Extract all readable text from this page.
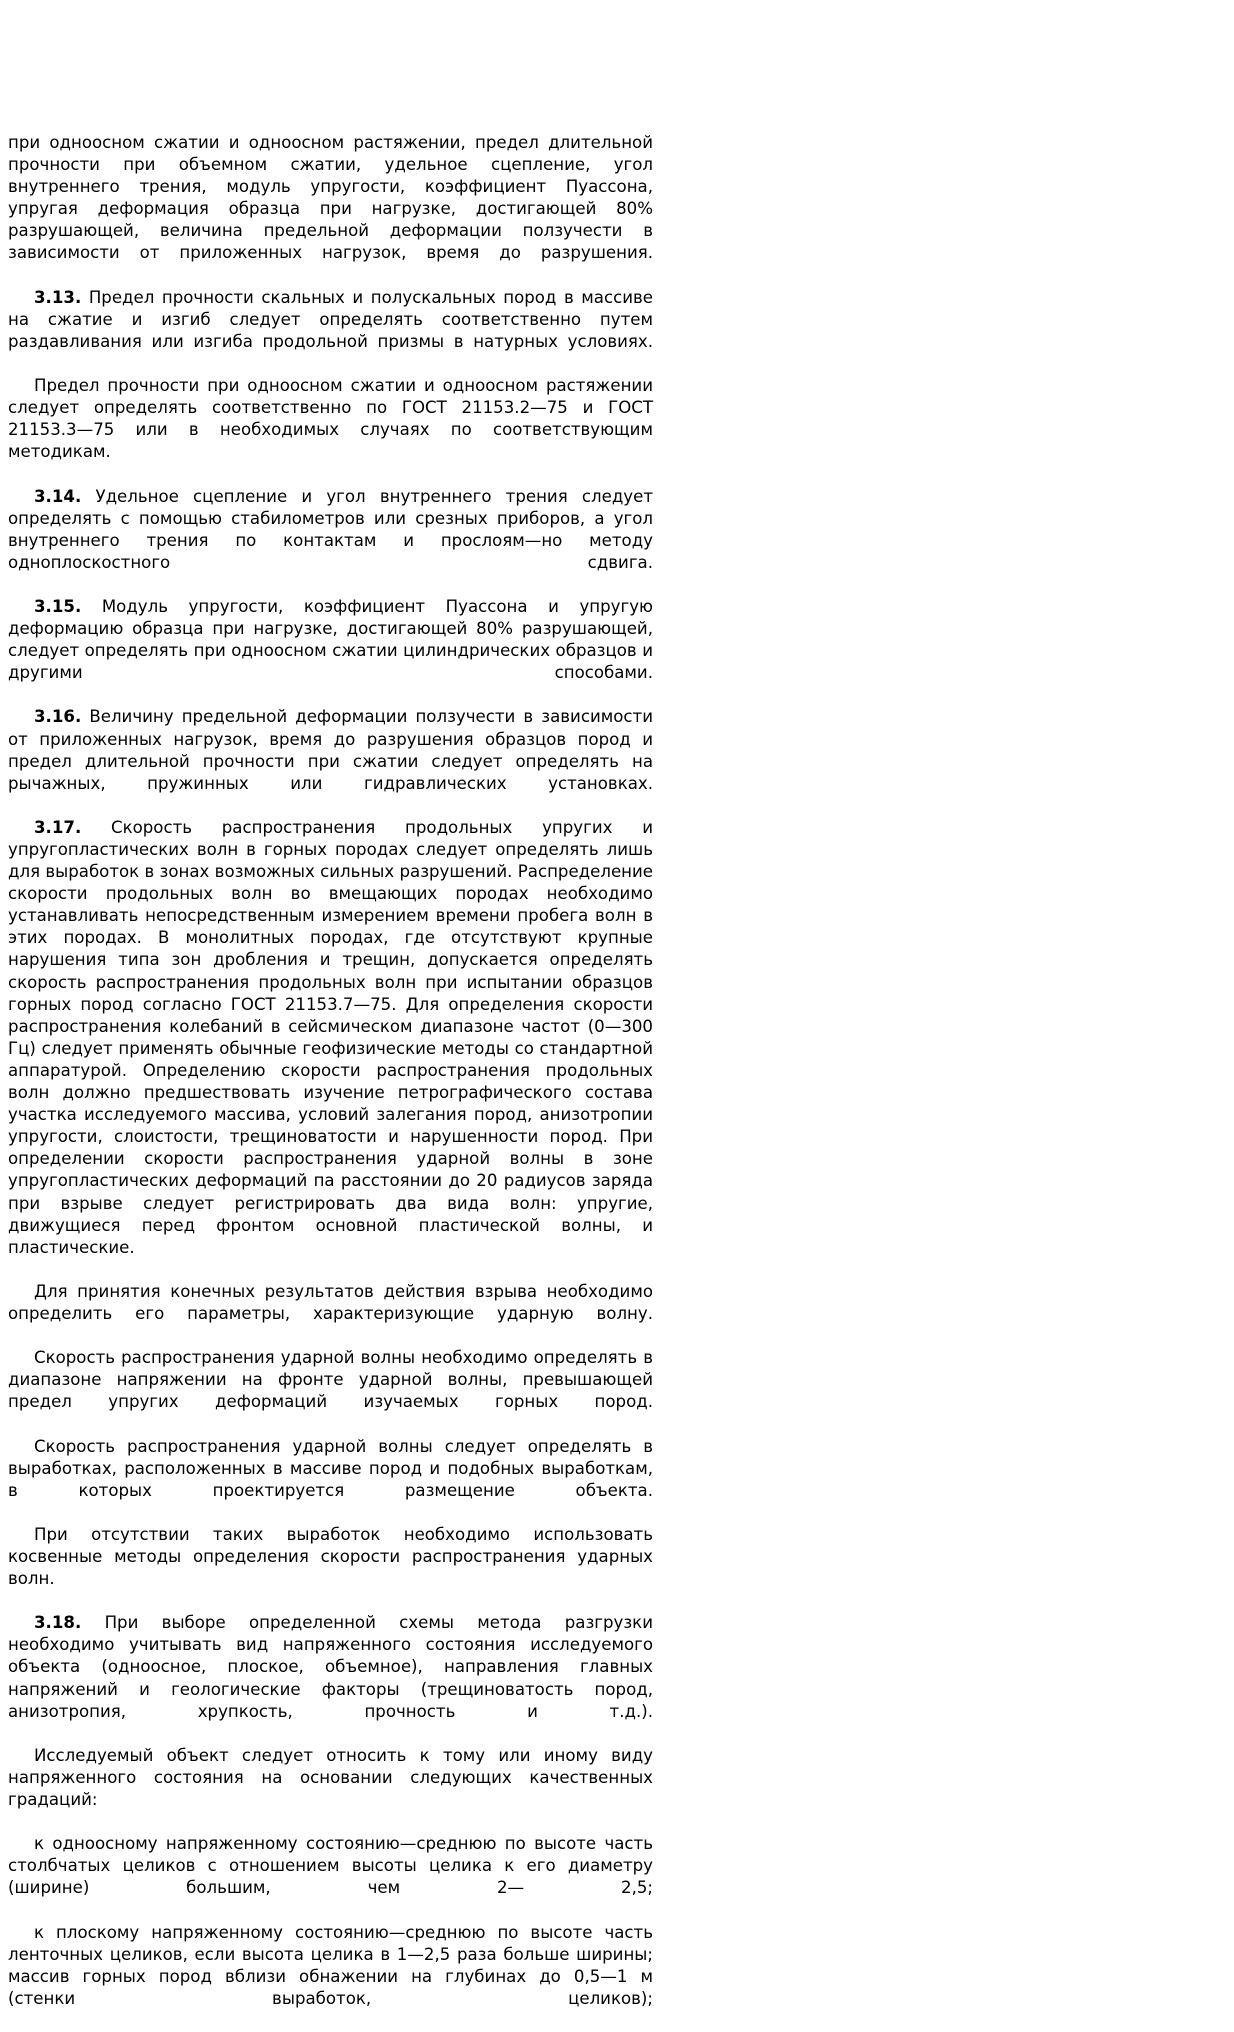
при одноосном сжатии и одноосном растяжении, предел длительной прочности при объемном сжатии, удельное сцепление, угол внутреннего трения, модуль упругости, коэффициент Пуассона, упругая деформация образца при нагрузке, достигающей 80% разрушающей, величина предельной деформации ползучести в зависимости от приложенных нагрузок, время до разрушения.

3.13. Предел прочности скальных и полускальных пород в массиве на сжатие и изгиб следует определять соответственно путем раздавливания или изгиба продольной призмы в натурных условиях.

Предел прочности при одноосном сжатии и одноосном растяжении следует определять соответственно по ГОСТ 21153.2—75 и ГОСТ 21153.3—75 или в необходимых случаях по соответствующим методикам.

3.14. Удельное сцепление и угол внутреннего трения следует определять с помощью стабилометров или срезных приборов, а угол внутреннего трения по контактам и прослоям—но методу одноплоскостного сдвига.

3.15. Модуль упругости, коэффициент Пуассона и упругую деформацию образца при нагрузке, достигающей 80% разрушающей, следует определять при одноосном сжатии цилиндрических образцов и другими способами.

3.16. Величину предельной деформации ползучести в зависимости от приложенных нагрузок, время до разрушения образцов пород и предел длительной прочности при сжатии следует определять на рычажных, пружинных или гидравлических установках.

3.17. Скорость распространения продольных упругих и упругопластических волн в горных породах следует определять лишь для выработок в зонах возможных сильных разрушений. Распределение скорости продольных волн во вмещающих породах необходимо устанавливать непосредственным измерением времени пробега волн в этих породах. В монолитных породах, где отсутствуют крупные нарушения типа зон дробления и трещин, допускается определять скорость распространения продольных волн при испытании образцов горных пород согласно ГОСТ 21153.7—75. Для определения скорости распространения колебаний в сейсмическом диапазоне частот (0—300 Гц) следует применять обычные геофизические методы со стандартной аппаратурой. Определению скорости распространения продольных волн должно предшествовать изучение петрографического состава участка исследуемого массива, условий залегания пород, анизотропии упругости, слоистости, трещиноватости и нарушенности пород. При определении скорости распространения ударной волны в зоне упругопластических деформаций па расстоянии до 20 радиусов заряда при взрыве следует регистрировать два вида волн: упругие, движущиеся перед фронтом основной пластической волны, и пластические.

Для принятия конечных результатов действия взрыва необходимо определить его параметры, характеризующие ударную волну.

Скорость распространения ударной волны необходимо определять в диапазоне напряжении на фронте ударной волны, превышающей предел упругих деформаций изучаемых горных пород.

Скорость распространения ударной волны следует определять в выработках, расположенных в массиве пород и подобных выработкам, в которых проектируется размещение объекта.

При отсутствии таких выработок необходимо использовать косвенные методы определения скорости распространения ударных волн.

3.18. При выборе определенной схемы метода разгрузки необходимо учитывать вид напряженного состояния исследуемого объекта (одноосное, плоское, объемное), направления главных напряжений и геологические факторы (трещиноватость пород, анизотропия, хрупкость, прочность и т.д.).

Исследуемый объект следует относить к тому или иному виду напряженного состояния на основании следующих качественных градаций:

к одноосному напряженному состоянию—среднюю по высоте часть столбчатых целиков с отношением высоты целика к его диаметру (ширине) большим, чем 2— 2,5;

к плоскому напряженному состоянию—среднюю по высоте часть ленточных целиков, если высота целика в 1—2,5 раза больше ширины; массив горных пород вблизи обнажении на глубинах до 0,5—1 м (стенки выработок, целиков);
